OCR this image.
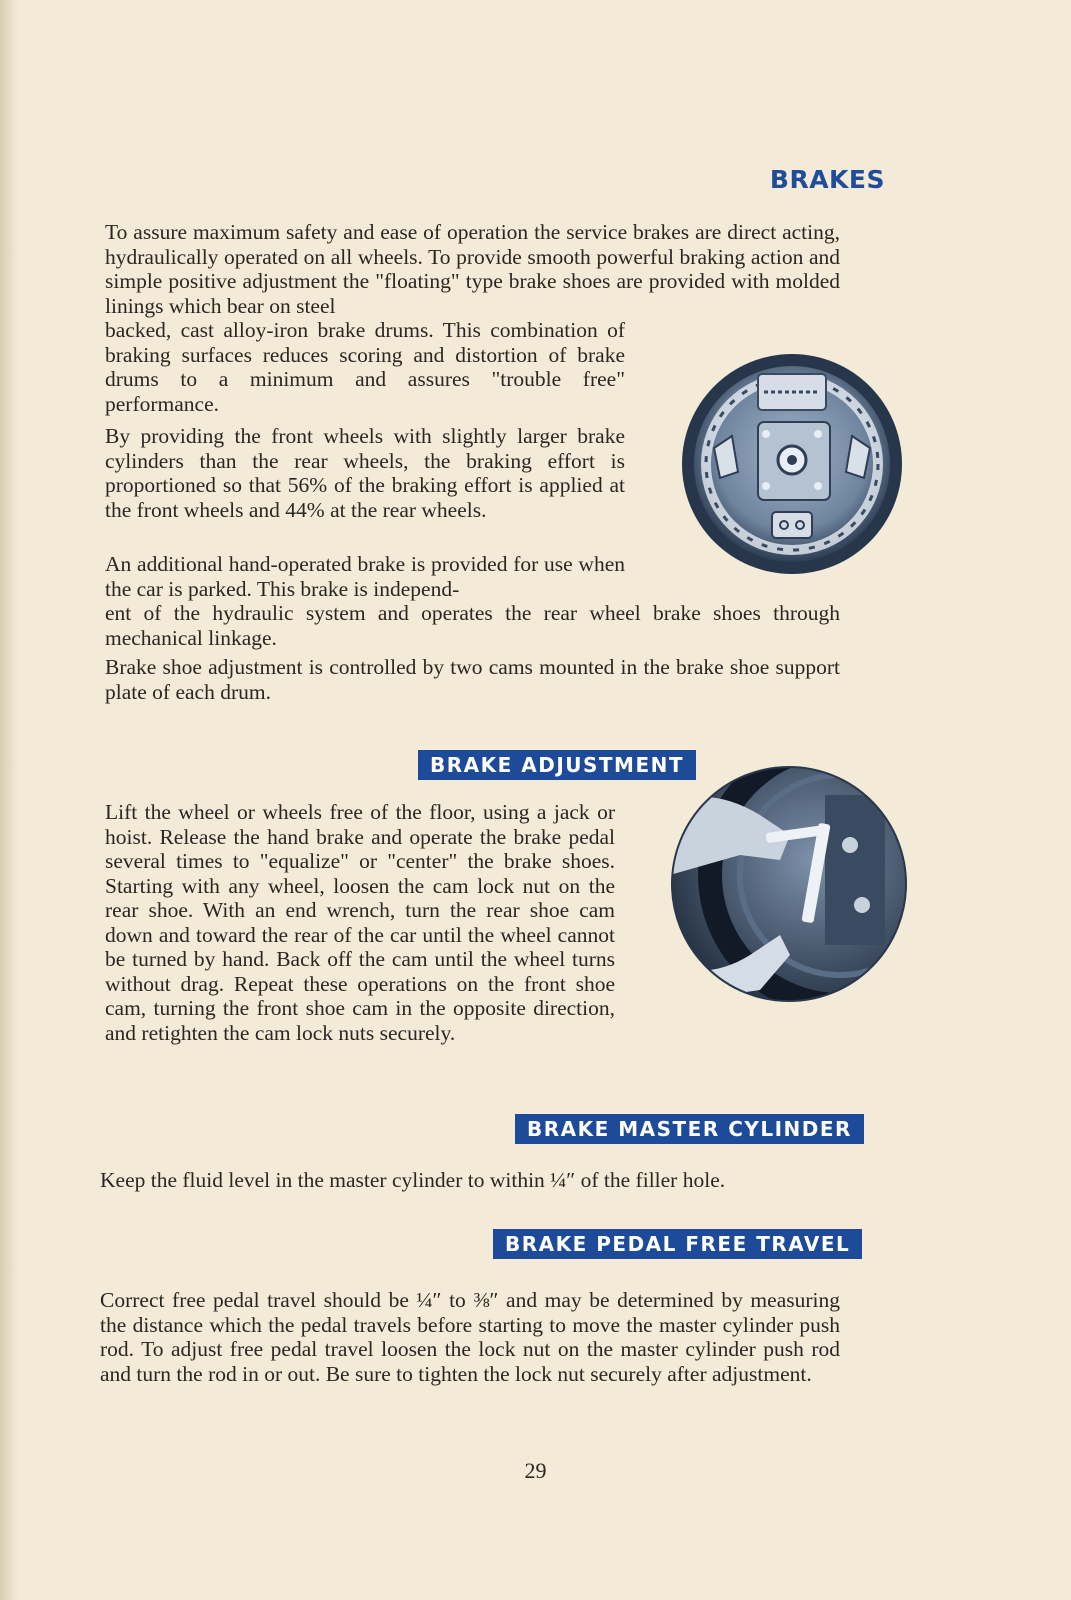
BRAKES

To assure maximum safety and ease of operation the service brakes are direct acting, hydraulically operated on all wheels. To provide smooth powerful braking action and simple positive adjustment the "floating" type brake shoes are provided with molded linings which bear on steel

backed, cast alloy-iron brake drums. This combination of braking surfaces reduces scoring and distortion of brake drums to a minimum and assures "trouble free" performance.

By providing the front wheels with slightly larger brake cylinders than the rear wheels, the braking effort is proportioned so that 56% of the braking effort is applied at the front wheels and 44% at the rear wheels.

An additional hand-operated brake is provided for use when the car is parked. This brake is independ-

ent of the hydraulic system and operates the rear wheel brake shoes through mechanical linkage.

Brake shoe adjustment is controlled by two cams mounted in the brake shoe support plate of each drum.

BRAKE ADJUSTMENT

Lift the wheel or wheels free of the floor, using a jack or hoist. Release the hand brake and operate the brake pedal several times to "equalize" or "center" the brake shoes. Starting with any wheel, loosen the cam lock nut on the rear shoe. With an end wrench, turn the rear shoe cam down and toward the rear of the car until the wheel cannot be turned by hand. Back off the cam until the wheel turns without drag. Repeat these operations on the front shoe cam, turning the front shoe cam in the opposite direction, and retighten the cam lock nuts securely.

BRAKE MASTER CYLINDER

Keep the fluid level in the master cylinder to within ¼″ of the filler hole.

BRAKE PEDAL FREE TRAVEL

Correct free pedal travel should be ¼″ to ⅜″ and may be determined by measuring the distance which the pedal travels before starting to move the master cylinder push rod. To adjust free pedal travel loosen the lock nut on the master cylinder push rod and turn the rod in or out. Be sure to tighten the lock nut securely after adjustment.

29
